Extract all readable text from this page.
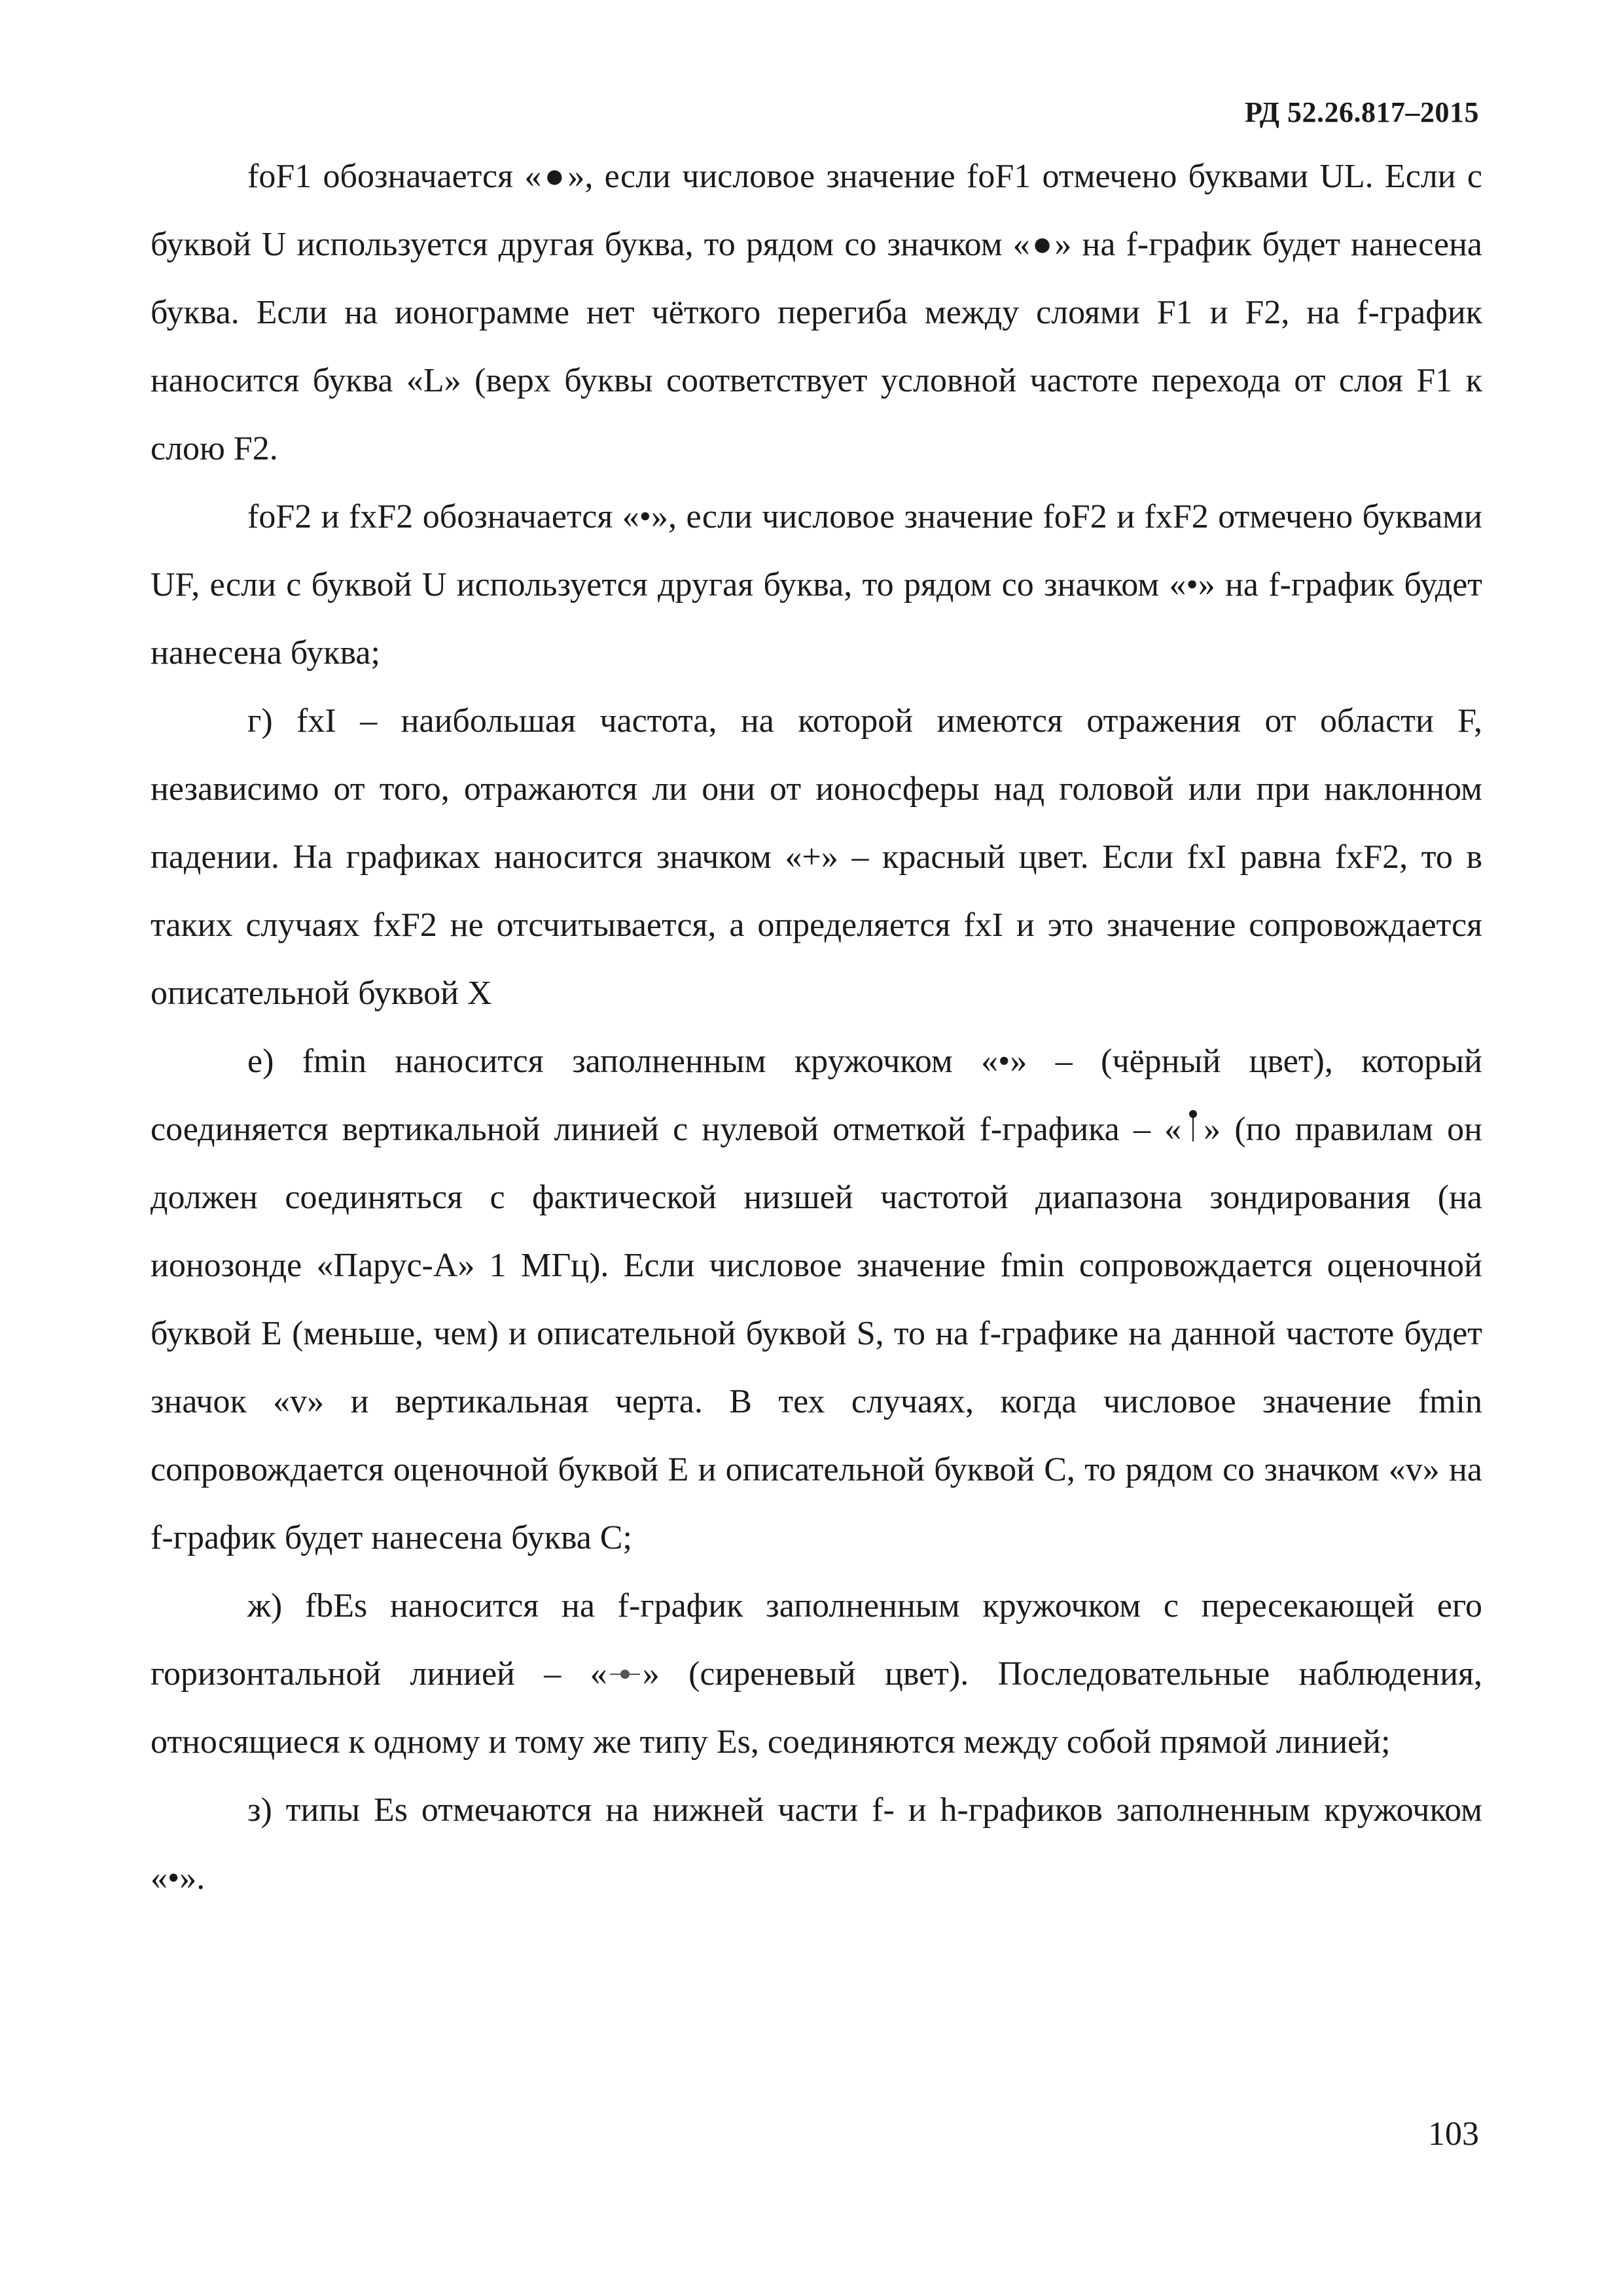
РД 52.26.817–2015

foF1 обозначается «●», если числовое значение foF1 отмечено буквами UL. Если с буквой U используется другая буква, то рядом со значком «●» на f-график будет нанесена буква. Если на ионограмме нет чёткого перегиба между слоями F1 и F2, на f-график наносится буква «L» (верх буквы соответствует условной частоте перехода от слоя F1 к слою F2.

foF2 и fxF2 обозначается «•», если числовое значение foF2 и fxF2 отмечено буквами UF, если с буквой U используется другая буква, то рядом со значком «•» на f-график будет нанесена буква;

г) fxI – наибольшая частота, на которой имеются отражения от области F, независимо от того, отражаются ли они от ионосферы над головой или при наклонном падении. На графиках наносится значком «+» – красный цвет. Если fxI равна fxF2, то в таких случаях fxF2 не отсчитывается, а определяется fxI и это значение сопровождается описательной буквой X

е) fmin наносится заполненным кружочком «•» – (чёрный цвет), который соединяется вертикальной линией с нулевой отметкой f-графика – « » (по правилам он должен соединяться с фактической низшей частотой диапазона зондирования (на ионозонде «Парус-А» 1 МГц). Если числовое значение fmin сопровождается оценочной буквой E (меньше, чем) и описательной буквой S, то на f-графике на данной частоте будет значок «v» и вертикальная черта. В тех случаях, когда числовое значение fmin сопровождается оценочной буквой E и описательной буквой C, то рядом со значком «v» на f-график будет нанесена буква C;

ж) fbEs наносится на f-график заполненным кружочком с пересекающей его горизонтальной линией – « » (сиреневый цвет). Последовательные наблюдения, относящиеся к одному и тому же типу Es, соединяются между собой прямой линией;

з) типы Es отмечаются на нижней части f- и h-графиков заполненным кружочком «•».

103
